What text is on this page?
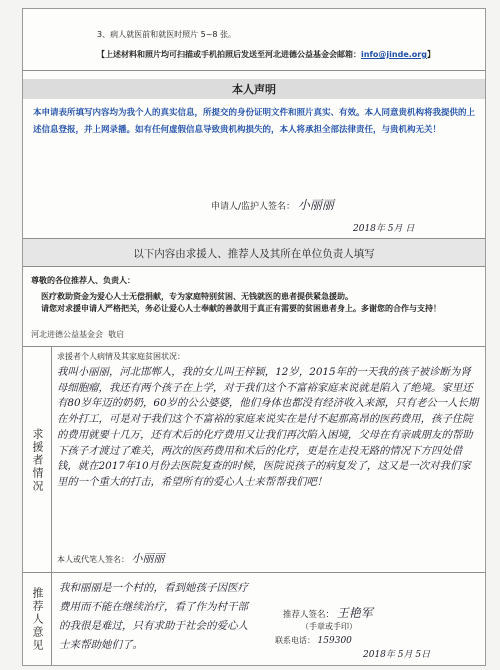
3、病人就医前和就医时照片 5~8 张。
【上述材料和照片均可扫描或手机拍照后发送至河北进德公益基金会邮箱：info@jinde.org】
本人声明
本申请表所填写内容均为我个人的真实信息，所提交的身份证明文件和照片真实、有效。本人同意贵机构将我提供的上述信息登报，并上网录播。如有任何虚假信息导致贵机构损失的，本人将承担全部法律责任，与贵机构无关！
申请人/监护人签名： 小丽丽
2018年 5月 日
以下内容由求援人、推荐人及其所在单位负责人填写
尊敬的各位推荐人、负责人：
医疗救助资金为爱心人士无偿捐献，专为家庭特别贫困、无钱就医的患者提供紧急援助。
请您对求援申请人严格把关，务必让爱心人士奉献的善款用于真正有需要的贫困患者身上。多谢您的合作与支持！
河北进德公益基金会 敬启
求援者情况
求援者个人病情及其家庭贫困状况：
我叫小丽丽，河北邯郸人，我的女儿叫王梓颖，12岁，2015年的一天我的孩子被诊断为肾母细胞瘤，我还有两个孩子在上学，对于我们这个不富裕家庭来说就是陷入了绝境。家里还有80岁年迈的奶奶，60岁的公公婆婆，他们身体也都没有经济收入来源，只有老公一人长期在外打工，可是对于我们这个不富裕的家庭来说实在是付不起那高昂的医药费用，孩子住院的费用就要十几万，还有术后的化疗费用又让我们再次陷入困境，父母在有亲戚朋友的帮助下孩子才渡过了难关，两次的医药费用和术后的化疗，更是在走投无路的情况下方四处借钱，就在2017年10月份去医院复查的时候，医院说孩子的病复发了，这又是一次对我们家里的一个重大的打击，希望所有的爱心人士来帮帮我们吧！
本人或代笔人签名： 小丽丽
推荐人意见 我和丽丽是一个村的，看到她孩子因医疗费用而不能在继续治疗，看了作为村干部的我很是难过，只有求助于社会的爱心人士来帮助她们了。
推荐人签名： 王艳军
（手章或手印）
联系电话： 159300
2018年 5月 5日
